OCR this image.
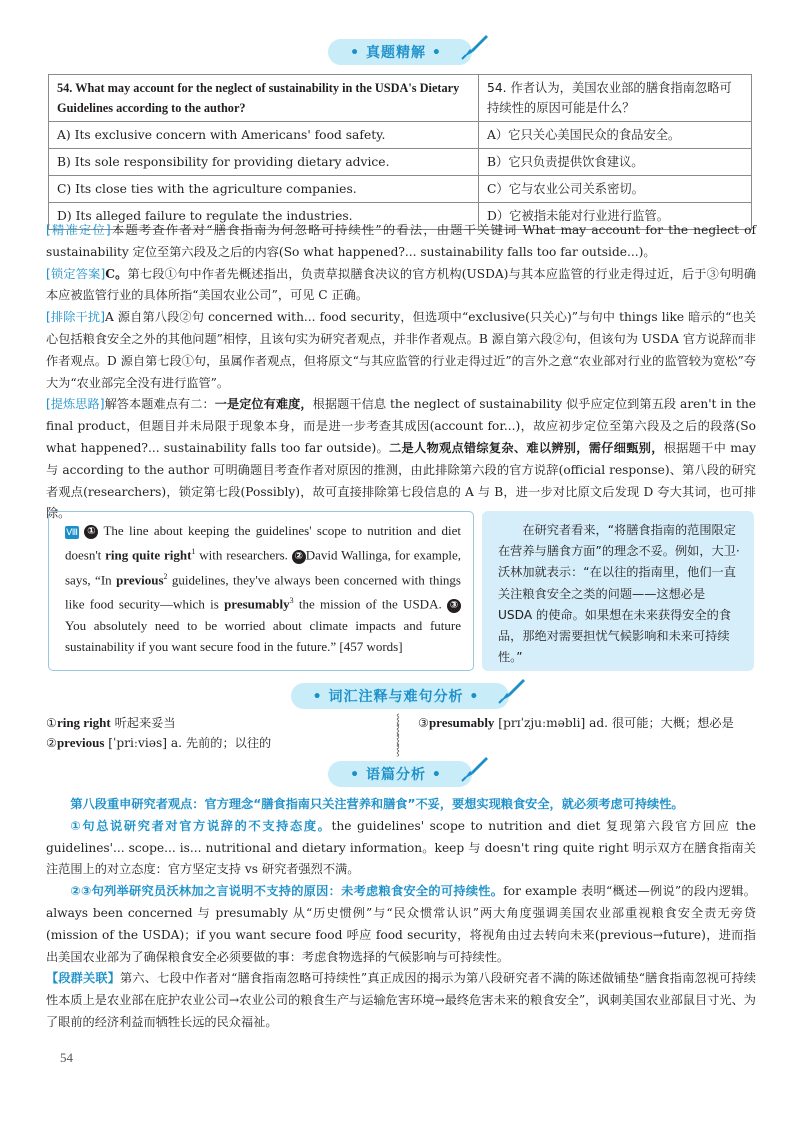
• 真题精解 •
54. What may account for the neglect of sustainability in the USDA's Dietary Guidelines according to the author?	54. 作者认为，美国农业部的膳食指南忽略可持续性的原因可能是什么？
A) Its exclusive concern with Americans' food safety.	A）它只关心美国民众的食品安全。
B) Its sole responsibility for providing dietary advice.	B）它只负责提供饮食建议。
C) Its close ties with the agriculture companies.	C）它与农业公司关系密切。
D) Its alleged failure to regulate the industries.	D）它被指未能对行业进行监管。

[精准定位]本题考查作者对“膳食指南为何忽略可持续性”的看法，由题干关键词 What may account for the neglect of sustainability 定位至第六段及之后的内容(So what happened?... sustainability falls too far outside...)。

[锁定答案]C。第七段①句中作者先概述指出，负责草拟膳食决议的官方机构(USDA)与其本应监管的行业走得过近，后于③句明确本应被监管行业的具体所指“美国农业公司”，可见 C 正确。

[排除干扰]A 源自第八段②句 concerned with... food security，但选项中“exclusive(只关心)”与句中 things like 暗示的“也关心包括粮食安全之外的其他问题”相悖，且该句实为研究者观点，并非作者观点。B 源自第六段②句，但该句为 USDA 官方说辞而非作者观点。D 源自第七段①句，虽属作者观点，但将原文“与其应监管的行业走得过近”的言外之意“农业部对行业的监管较为宽松”夸大为“农业部完全没有进行监管”。

[提炼思路]解答本题难点有二：一是定位有难度，根据题干信息 the neglect of sustainability 似乎应定位到第五段 aren't in the final product，但题目并未局限于现象本身，而是进一步考查其成因(account for...)，故应初步定位至第六段及之后的段落(So what happened?... sustainability falls too far outside)。二是人物观点错综复杂、难以辨别，需仔细甄别，根据题干中 may 与 according to the author 可明确题目考查作者对原因的推测，由此排除第六段的官方说辞(official response)、第八段的研究者观点(researchers)，锁定第七段(Possibly)，故可直接排除第七段信息的 A 与 B，进一步对比原文后发现 D 夸大其词，也可排除。

Ⅷ ① The line about keeping the guidelines' scope to nutrition and diet doesn't ring quite right$^1$ with researchers. ② David Wallinga, for example, says, “In previous$^2$ guidelines, they've always been concerned with things like food security—which is presumably$^3$ the mission of the USDA. ③ You absolutely need to be worried about climate impacts and future sustainability if you want secure food in the future.” [457 words]

在研究者看来，“将膳食指南的范围限定在营养与膳食方面”的理念不妥。例如，大卫·沃林加就表示：“在以往的指南里，他们一直关注粮食安全之类的问题——这想必是 USDA 的使命。如果想在未来获得安全的食品，那绝对需要担忧气候影响和未来可持续性。”

• 词汇注释与难句分析 •
①ring right 听起来妥当
②previous [ˈpriːviəs] a. 先前的；以往的
⸾
⸾
⸾
⸾
③presumably [prɪˈzjuːməbli] ad. 很可能；大概；想必是
• 语篇分析 •

第八段重申研究者观点：官方理念“膳食指南只关注营养和膳食”不妥，要想实现粮食安全，就必须考虑可持续性。

①句总说研究者对官方说辞的不支持态度。the guidelines' scope to nutrition and diet 复现第六段官方回应 the guidelines'... scope... is... nutritional and dietary information。keep 与 doesn't ring quite right 明示双方在膳食指南关注范围上的对立态度：官方坚定支持 vs 研究者强烈不满。

②③句列举研究员沃林加之言说明不支持的原因：未考虑粮食安全的可持续性。for example 表明“概述—例说”的段内逻辑。always been concerned 与 presumably 从“历史惯例”与“民众惯常认识”两大角度强调美国农业部重视粮食安全责无旁贷(mission of the USDA)；if you want secure food 呼应 food security，将视角由过去转向未来(previous→future)，进而指出美国农业部为了确保粮食安全必须要做的事：考虑食物选择的气候影响与可持续性。

【段群关联】第六、七段中作者对“膳食指南忽略可持续性”真正成因的揭示为第八段研究者不满的陈述做铺垫“膳食指南忽视可持续性本质上是农业部在庇护农业公司→农业公司的粮食生产与运输危害环境→最终危害未来的粮食安全”，讽刺美国农业部鼠目寸光、为了眼前的经济利益而牺牲长远的民众福祉。

54
